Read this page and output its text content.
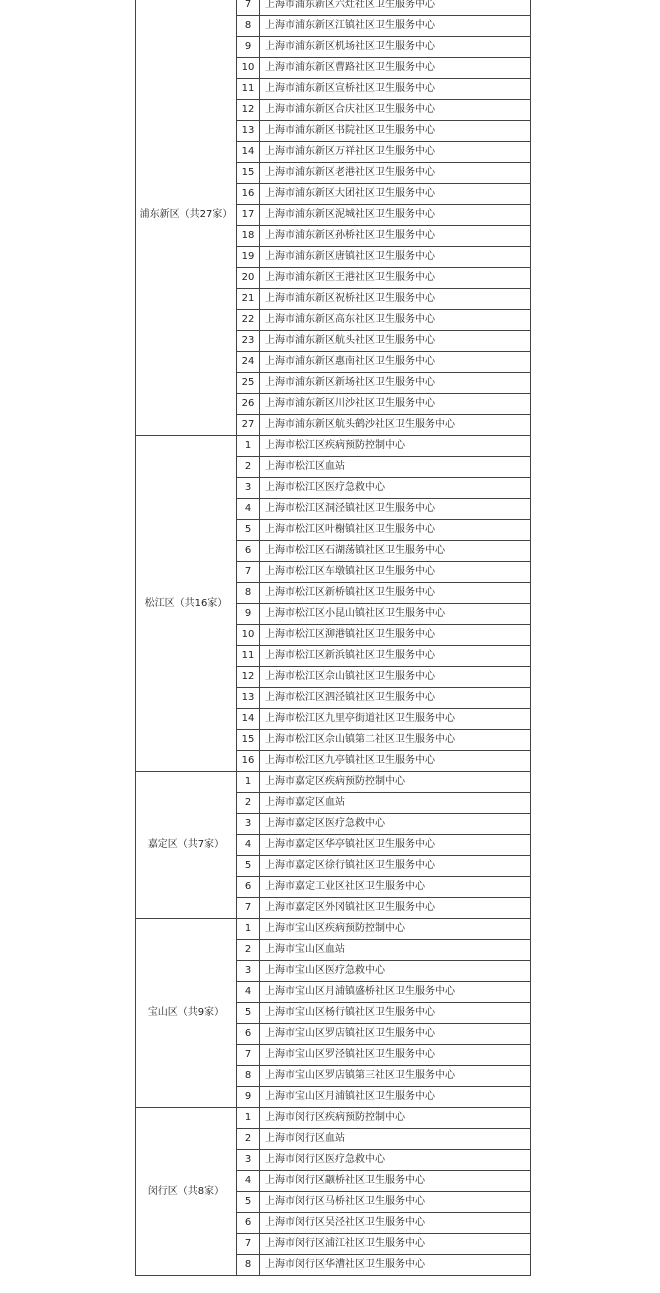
浦东新区（共27家）	7	上海市浦东新区六灶社区卫生服务中心
	8	上海市浦东新区江镇社区卫生服务中心
	9	上海市浦东新区机场社区卫生服务中心
	10	上海市浦东新区曹路社区卫生服务中心
	11	上海市浦东新区宣桥社区卫生服务中心
	12	上海市浦东新区合庆社区卫生服务中心
	13	上海市浦东新区书院社区卫生服务中心
	14	上海市浦东新区万祥社区卫生服务中心
	15	上海市浦东新区老港社区卫生服务中心
	16	上海市浦东新区大团社区卫生服务中心
	17	上海市浦东新区泥城社区卫生服务中心
	18	上海市浦东新区孙桥社区卫生服务中心
	19	上海市浦东新区唐镇社区卫生服务中心
	20	上海市浦东新区王港社区卫生服务中心
	21	上海市浦东新区祝桥社区卫生服务中心
	22	上海市浦东新区高东社区卫生服务中心
	23	上海市浦东新区航头社区卫生服务中心
	24	上海市浦东新区惠南社区卫生服务中心
	25	上海市浦东新区新场社区卫生服务中心
	26	上海市浦东新区川沙社区卫生服务中心
	27	上海市浦东新区航头鹤沙社区卫生服务中心
松江区（共16家）	1	上海市松江区疾病预防控制中心
	2	上海市松江区血站
	3	上海市松江区医疗急救中心
	4	上海市松江区洞泾镇社区卫生服务中心
	5	上海市松江区叶榭镇社区卫生服务中心
	6	上海市松江区石湖荡镇社区卫生服务中心
	7	上海市松江区车墩镇社区卫生服务中心
	8	上海市松江区新桥镇社区卫生服务中心
	9	上海市松江区小昆山镇社区卫生服务中心
	10	上海市松江区泖港镇社区卫生服务中心
	11	上海市松江区新浜镇社区卫生服务中心
	12	上海市松江区佘山镇社区卫生服务中心
	13	上海市松江区泗泾镇社区卫生服务中心
	14	上海市松江区九里亭街道社区卫生服务中心
	15	上海市松江区佘山镇第二社区卫生服务中心
	16	上海市松江区九亭镇社区卫生服务中心
嘉定区（共7家）	1	上海市嘉定区疾病预防控制中心
	2	上海市嘉定区血站
	3	上海市嘉定区医疗急救中心
	4	上海市嘉定区华亭镇社区卫生服务中心
	5	上海市嘉定区徐行镇社区卫生服务中心
	6	上海市嘉定工业区社区卫生服务中心
	7	上海市嘉定区外冈镇社区卫生服务中心
宝山区（共9家）	1	上海市宝山区疾病预防控制中心
	2	上海市宝山区血站
	3	上海市宝山区医疗急救中心
	4	上海市宝山区月浦镇盛桥社区卫生服务中心
	5	上海市宝山区杨行镇社区卫生服务中心
	6	上海市宝山区罗店镇社区卫生服务中心
	7	上海市宝山区罗泾镇社区卫生服务中心
	8	上海市宝山区罗店镇第三社区卫生服务中心
	9	上海市宝山区月浦镇社区卫生服务中心
闵行区（共8家）	1	上海市闵行区疾病预防控制中心
	2	上海市闵行区血站
	3	上海市闵行区医疗急救中心
	4	上海市闵行区颛桥社区卫生服务中心
	5	上海市闵行区马桥社区卫生服务中心
	6	上海市闵行区吴泾社区卫生服务中心
	7	上海市闵行区浦江社区卫生服务中心
	8	上海市闵行区华漕社区卫生服务中心
